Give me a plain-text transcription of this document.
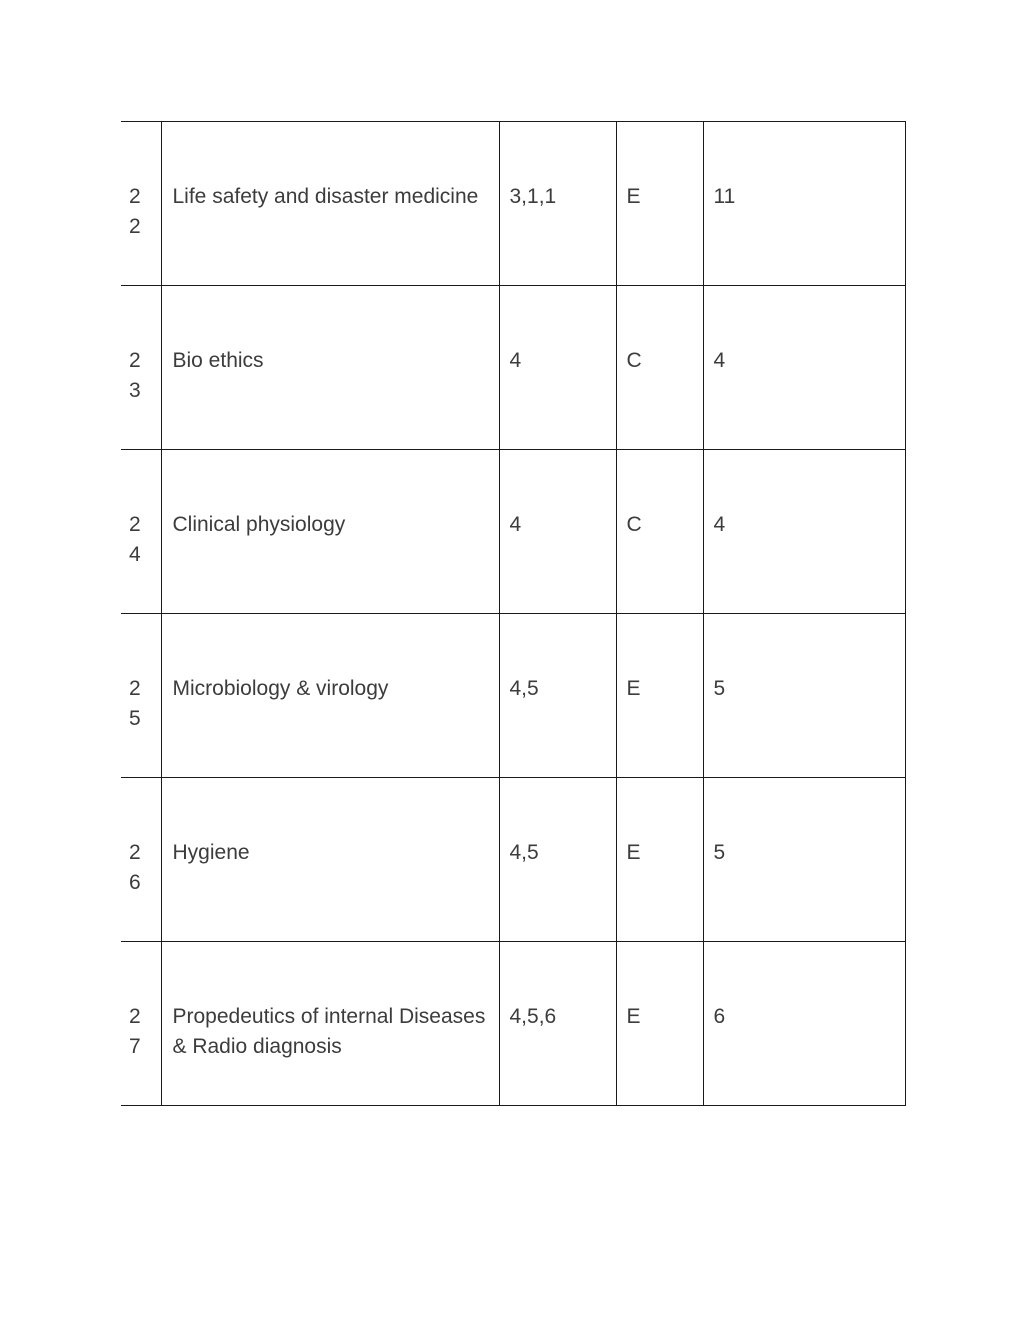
22	Life safety and disaster medicine	3,1,1	E	11

23	Bio ethics	4	C	4

24	Clinical physiology	4	C	4

25	Microbiology & virology	4,5	E	5

26	Hygiene	4,5	E	5

27	Propedeutics of internal Diseases & Radio diagnosis	4,5,6	E	6
